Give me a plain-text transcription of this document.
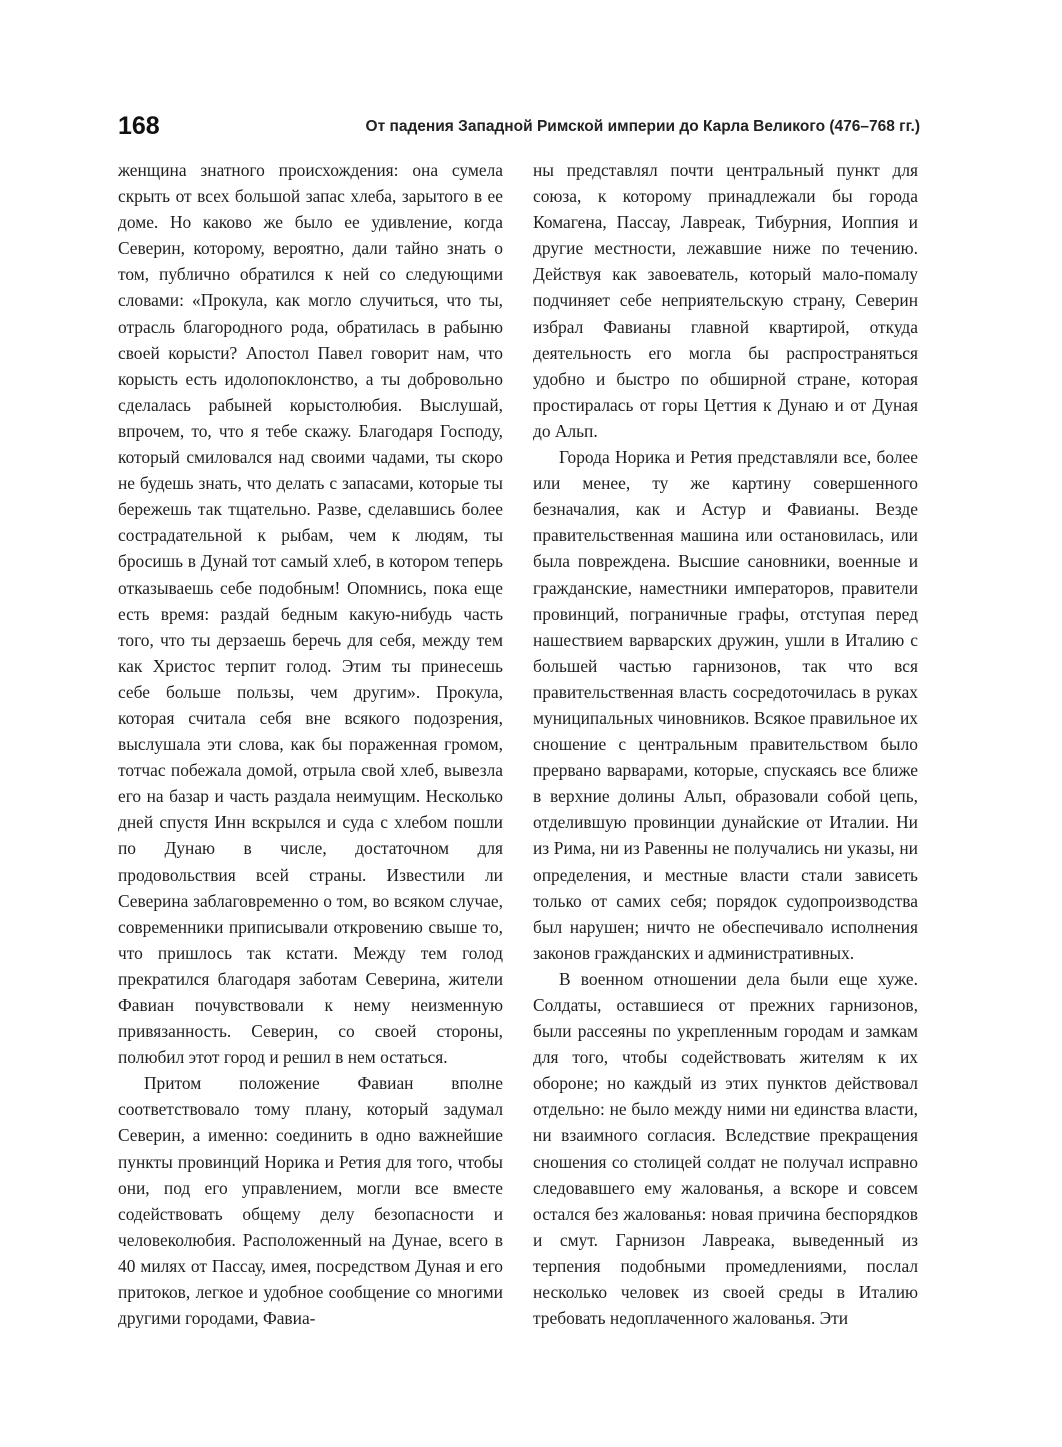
168	От падения Западной Римской империи до Карла Великого (476–768 гг.)

женщина знатного происхождения: она сумела скрыть от всех большой запас хлеба, зарытого в ее доме. Но каково же было ее удивление, когда Северин, которому, вероятно, дали тайно знать о том, публично обратился к ней со следующими словами: «Прокула, как могло случиться, что ты, отрасль благородного рода, обратилась в рабыню своей корысти? Апостол Павел говорит нам, что корысть есть идолопоклонство, а ты добровольно сделалась рабыней корыстолюбия. Выслушай, впрочем, то, что я тебе скажу. Благодаря Господу, который смиловался над своими чадами, ты скоро не будешь знать, что делать с запасами, которые ты бережешь так тщательно. Разве, сделавшись более сострадательной к рыбам, чем к людям, ты бросишь в Дунай тот самый хлеб, в котором теперь отказываешь себе подобным! Опомнись, пока еще есть время: раздай бедным какую-нибудь часть того, что ты дерзаешь беречь для себя, между тем как Христос терпит голод. Этим ты принесешь себе больше пользы, чем другим». Прокула, которая считала себя вне всякого подозрения, выслушала эти слова, как бы пораженная громом, тотчас побежала домой, отрыла свой хлеб, вывезла его на базар и часть раздала неимущим. Несколько дней спустя Инн вскрылся и суда с хлебом пошли по Дунаю в числе, достаточном для продовольствия всей страны. Известили ли Северина заблаговременно о том, во всяком случае, современники приписывали откровению свыше то, что пришлось так кстати. Между тем голод прекратился благодаря заботам Северина, жители Фавиан почувствовали к нему неизменную привязанность. Северин, со своей стороны, полюбил этот город и решил в нем остаться.

Притом положение Фавиан вполне соответствовало тому плану, который задумал Северин, а именно: соединить в одно важнейшие пункты провинций Норика и Ретия для того, чтобы они, под его управлением, могли все вместе содействовать общему делу безопасности и человеколюбия. Расположенный на Дунае, всего в 40 милях от Пассау, имея, посредством Дуная и его притоков, легкое и удобное сообщение со многими другими городами, Фавиа-

ны представлял почти центральный пункт для союза, к которому принадлежали бы города Комагена, Пассау, Лавреак, Тибурния, Иоппия и другие местности, лежавшие ниже по течению. Действуя как завоеватель, который мало-помалу подчиняет себе неприятельскую страну, Северин избрал Фавианы главной квартирой, откуда деятельность его могла бы распространяться удобно и быстро по обширной стране, которая простиралась от горы Цеттия к Дунаю и от Дуная до Альп.

Города Норика и Ретия представляли все, более или менее, ту же картину совершенного безначалия, как и Астур и Фавианы. Везде правительственная машина или остановилась, или была повреждена. Высшие сановники, военные и гражданские, наместники императоров, правители провинций, пограничные графы, отступая перед нашествием варварских дружин, ушли в Италию с большей частью гарнизонов, так что вся правительственная власть сосредоточилась в руках муниципальных чиновников. Всякое правильное их сношение с центральным правительством было прервано варварами, которые, спускаясь все ближе в верхние долины Альп, образовали собой цепь, отделившую провинции дунайские от Италии. Ни из Рима, ни из Равенны не получались ни указы, ни определения, и местные власти стали зависеть только от самих себя; порядок судопроизводства был нарушен; ничто не обеспечивало исполнения законов гражданских и административных.

В военном отношении дела были еще хуже. Солдаты, оставшиеся от прежних гарнизонов, были рассеяны по укрепленным городам и замкам для того, чтобы содействовать жителям к их обороне; но каждый из этих пунктов действовал отдельно: не было между ними ни единства власти, ни взаимного согласия. Вследствие прекращения сношения со столицей солдат не получал исправно следовавшего ему жалованья, а вскоре и совсем остался без жалованья: новая причина беспорядков и смут. Гарнизон Лавреака, выведенный из терпения подобными промедлениями, послал несколько человек из своей среды в Италию требовать недоплаченного жалованья. Эти
